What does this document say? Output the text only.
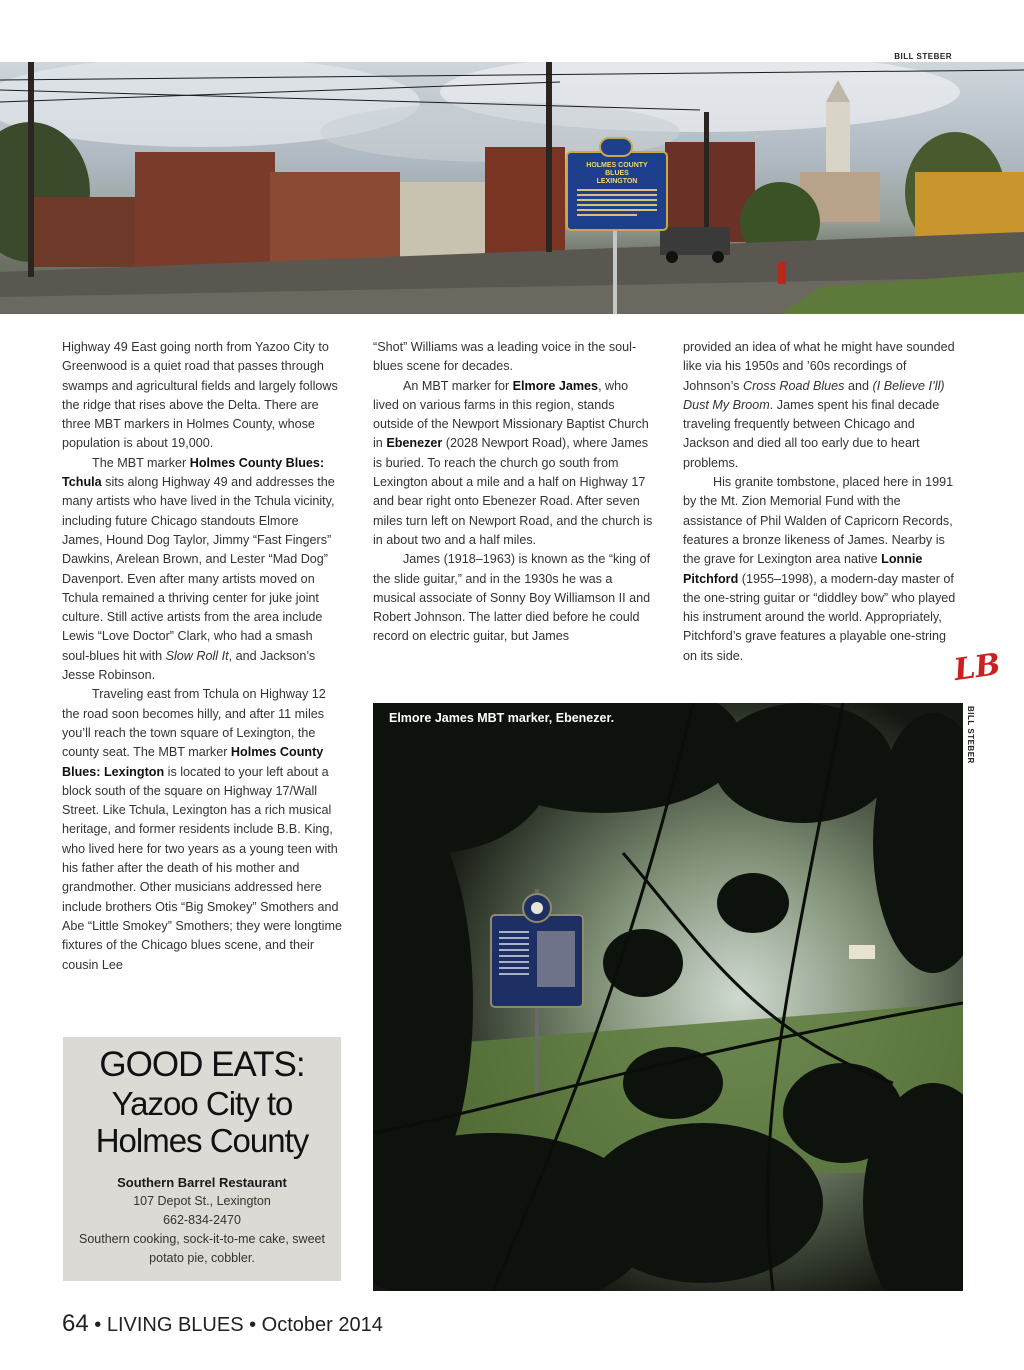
BILL STEBER
HOLMES COUNTY
BLUES
LEXINGTON

Highway 49 East going north from Yazoo City to Greenwood is a quiet road that passes through swamps and agricultural fields and largely follows the ridge that rises above the Delta. There are three MBT markers in Holmes County, whose population is about 19,000.

The MBT marker Holmes County Blues: Tchula sits along Highway 49 and addresses the many artists who have lived in the Tchula vicinity, including future Chicago standouts Elmore James, Hound Dog Taylor, Jimmy “Fast Fingers” Dawkins, Arelean Brown, and Lester “Mad Dog” Davenport. Even after many artists moved on Tchula remained a thriving center for juke joint culture. Still active artists from the area include Lewis “Love Doctor” Clark, who had a smash soul-blues hit with Slow Roll It, and Jackson’s Jesse Robinson.

Traveling east from Tchula on Highway 12 the road soon becomes hilly, and after 11 miles you’ll reach the town square of Lexington, the county seat. The MBT marker Holmes County Blues: Lexington is located to your left about a block south of the square on Highway 17/Wall Street. Like Tchula, Lexington has a rich musical heritage, and former residents include B.B. King, who lived here for two years as a young teen with his father after the death of his mother and grandmother. Other musicians addressed here include brothers Otis “Big Smokey” Smothers and Abe “Little Smokey” Smothers; they were longtime fixtures of the Chicago blues scene, and their cousin Lee

“Shot” Williams was a leading voice in the soul-blues scene for decades.

An MBT marker for Elmore James, who lived on various farms in this region, stands outside of the Newport Missionary Baptist Church in Ebenezer (2028 Newport Road), where James is buried. To reach the church go south from Lexington about a mile and a half on Highway 17 and bear right onto Ebenezer Road. After seven miles turn left on Newport Road, and the church is in about two and a half miles.

James (1918–1963) is known as the “king of the slide guitar,” and in the 1930s he was a musical associate of Sonny Boy Williamson II and Robert Johnson. The latter died before he could record on electric guitar, but James

provided an idea of what he might have sounded like via his 1950s and ’60s recordings of Johnson’s Cross Road Blues and (I Believe I’ll) Dust My Broom. James spent his final decade traveling frequently between Chicago and Jackson and died all too early due to heart problems.

His granite tombstone, placed here in 1991 by the Mt. Zion Memorial Fund with the assistance of Phil Walden of Capricorn Records, features a bronze likeness of James. Nearby is the grave for Lexington area native Lonnie Pitchford (1955–1998), a modern-day master of the one-string guitar or “diddley bow” who played his instrument around the world. Appropriately, Pitchford’s grave features a playable one-string on its side.	LB
GOOD EATS:
Yazoo City to
Holmes County
Southern Barrel Restaurant
107 Depot St., Lexington
662-834-2470
Southern cooking, sock-it-to-me cake, sweet potato pie, cobbler.
Elmore James MBT marker, Ebenezer.	BILL STEBER
64 • LIVING BLUES • October 2014
